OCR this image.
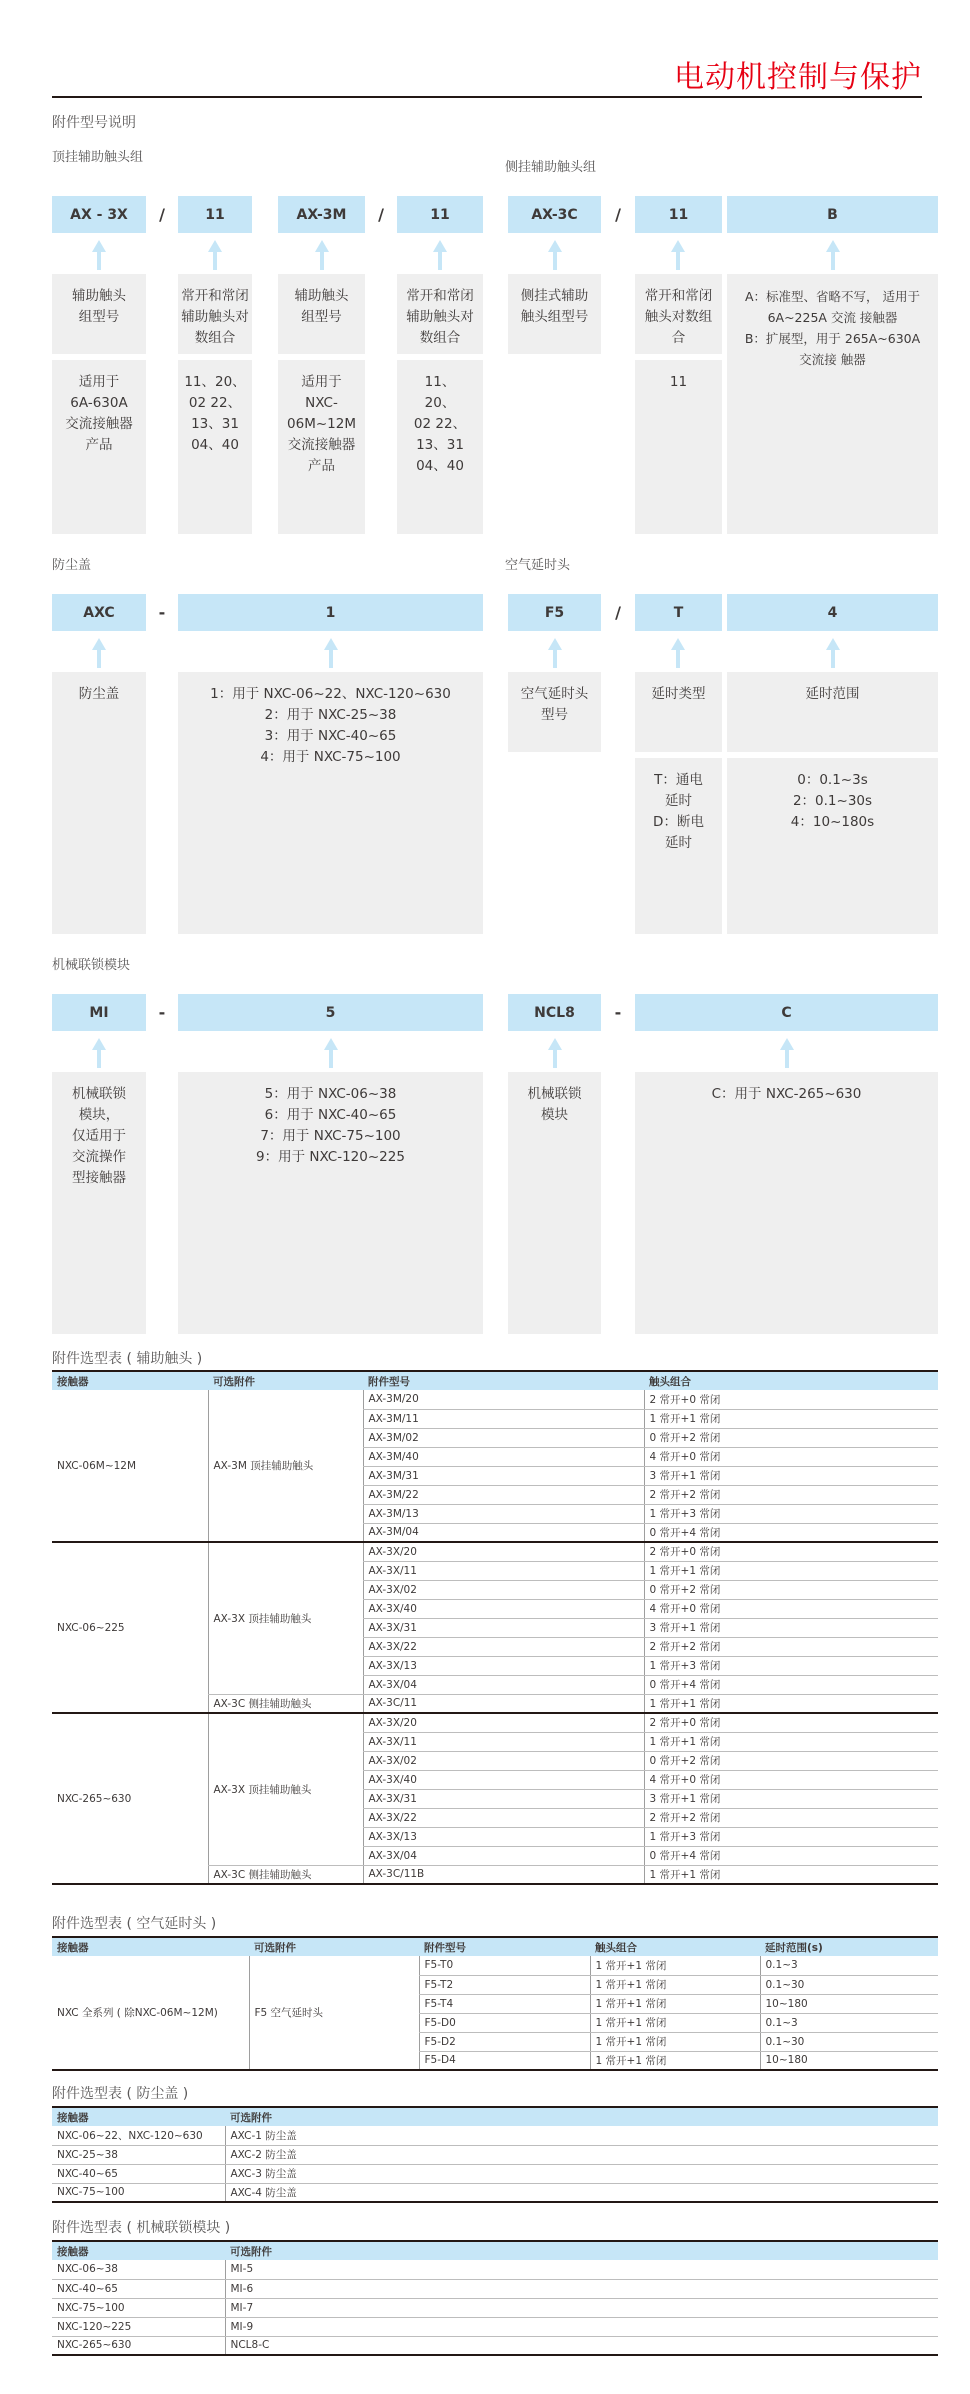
电动机控制与保护
附件型号说明
顶挂辅助触头组
侧挂辅助触头组
AX - 3X	/	11	AX-3M	/	11	AX-3C	/	11	B
辅助触头
组型号
常开和常闭
辅助触头对
数组合
辅助触头
组型号
常开和常闭
辅助触头对
数组合
侧挂式辅助
触头组型号
常开和常闭
触头对数组
合
A：标准型、省略不写， 适用于
6A~225A 交流 接触器
B：扩展型，用于 265A~630A
交流接 触器
适用于
6A-630A
交流接触器
产品
11、20、
02 22、
13、31
04、40
适用于
NXC-
06M~12M
交流接触器
产品
11、
20、
02 22、
13、31
04、40
11
防尘盖	空气延时头
AXC	-	1	F5	/	T	4
防尘盖	1：用于 NXC-06~22、NXC-120~630
2：用于 NXC-25~38
3：用于 NXC-40~65
4：用于 NXC-75~100
空气延时头
型号
延时类型	延时范围
T：通电
延时
D：断电
延时
0：0.1~3s
2：0.1~30s
4：10~180s
机械联锁模块
MI	-	5	NCL8	-	C
机械联锁
模块，
仅适用于
交流操作
型接触器
5：用于 NXC-06~38
6：用于 NXC-40~65
7：用于 NXC-75~100
9：用于 NXC-120~225
机械联锁
模块
C：用于 NXC-265~630
附件选型表 ( 辅助触头 )
接触器	可选附件	附件型号	触头组合
NXC-06M~12M	AX-3M 顶挂辅助触头	AX-3M/20	2 常开+0 常闭
		AX-3M/11	1 常开+1 常闭
		AX-3M/02	0 常开+2 常闭
		AX-3M/40	4 常开+0 常闭
		AX-3M/31	3 常开+1 常闭
		AX-3M/22	2 常开+2 常闭
		AX-3M/13	1 常开+3 常闭
		AX-3M/04	0 常开+4 常闭
NXC-06~225	AX-3X 顶挂辅助触头	AX-3X/20	2 常开+0 常闭
		AX-3X/11	1 常开+1 常闭
		AX-3X/02	0 常开+2 常闭
		AX-3X/40	4 常开+0 常闭
		AX-3X/31	3 常开+1 常闭
		AX-3X/22	2 常开+2 常闭
		AX-3X/13	1 常开+3 常闭
		AX-3X/04	0 常开+4 常闭
	AX-3C 侧挂辅助触头	AX-3C/11	1 常开+1 常闭
NXC-265~630	AX-3X 顶挂辅助触头	AX-3X/20	2 常开+0 常闭
		AX-3X/11	1 常开+1 常闭
		AX-3X/02	0 常开+2 常闭
		AX-3X/40	4 常开+0 常闭
		AX-3X/31	3 常开+1 常闭
		AX-3X/22	2 常开+2 常闭
		AX-3X/13	1 常开+3 常闭
		AX-3X/04	0 常开+4 常闭
	AX-3C 侧挂辅助触头	AX-3C/11B	1 常开+1 常闭
附件选型表 ( 空气延时头 )
接触器	可选附件	附件型号	触头组合	延时范围(s)
NXC 全系列 ( 除NXC-06M~12M)	F5 空气延时头	F5-T0	1 常开+1 常闭	0.1~3
		F5-T2	1 常开+1 常闭	0.1~30
		F5-T4	1 常开+1 常闭	10~180
		F5-D0	1 常开+1 常闭	0.1~3
		F5-D2	1 常开+1 常闭	0.1~30
		F5-D4	1 常开+1 常闭	10~180
附件选型表 ( 防尘盖 )
接触器	可选附件
NXC-06~22、NXC-120~630	AXC-1 防尘盖
NXC-25~38	AXC-2 防尘盖
NXC-40~65	AXC-3 防尘盖
NXC-75~100	AXC-4 防尘盖
附件选型表 ( 机械联锁模块 )
接触器	可选附件
NXC-06~38	MI-5
NXC-40~65	MI-6
NXC-75~100	MI-7
NXC-120~225	MI-9
NXC-265~630	NCL8-C
